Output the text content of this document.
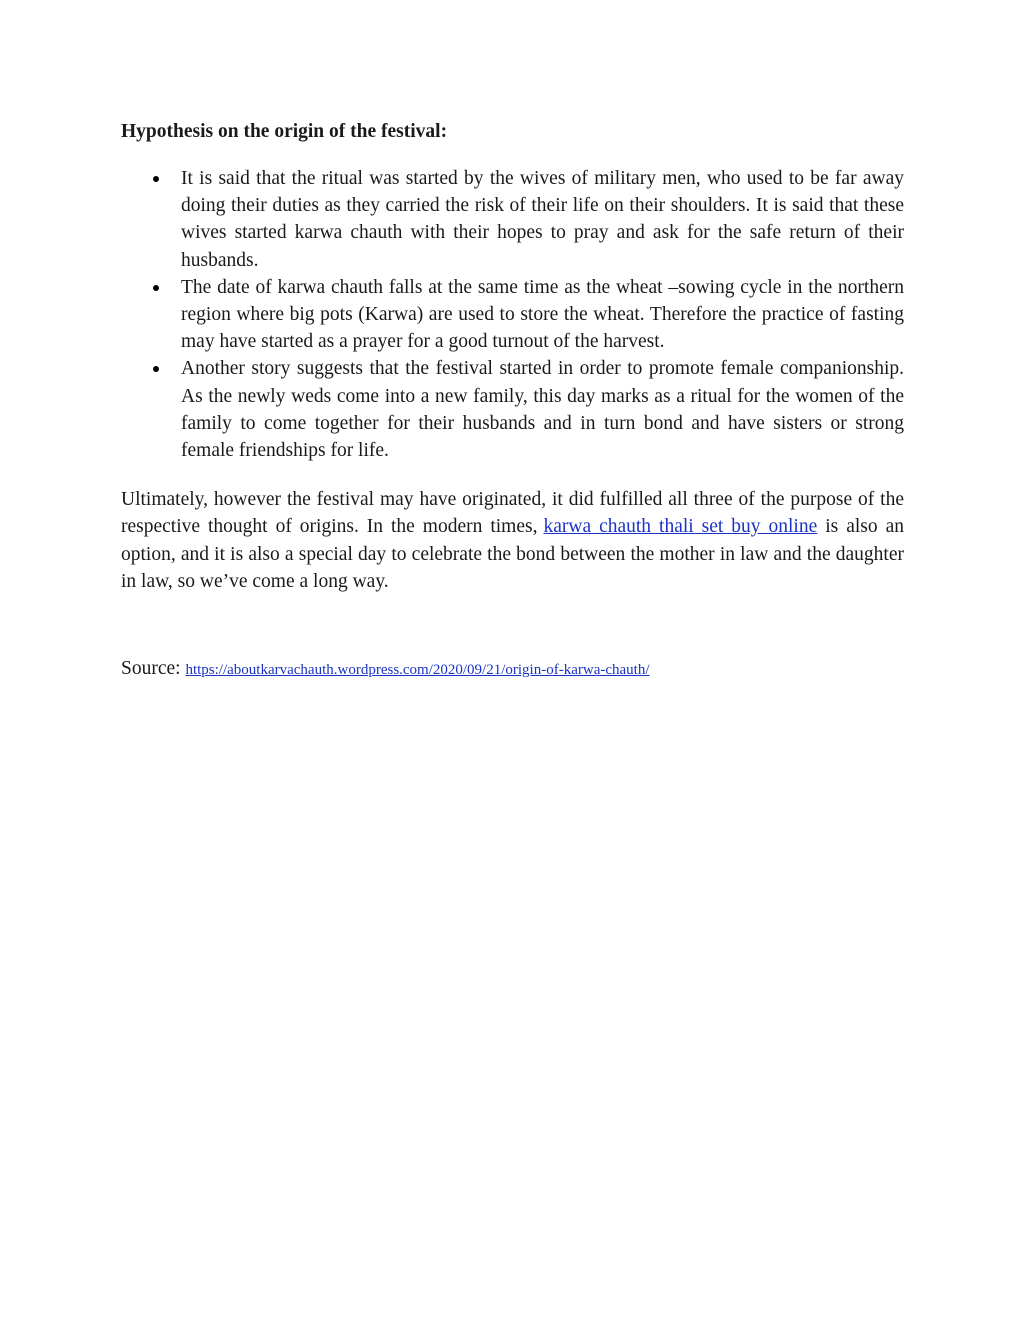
Hypothesis on the origin of the festival:
It is said that the ritual was started by the wives of military men, who used to be far away doing their duties as they carried the risk of their life on their shoulders. It is said that these wives started karwa chauth with their hopes to pray and ask for the safe return of their husbands.
The date of karwa chauth falls at the same time as the wheat –sowing cycle in the northern region where big pots (Karwa) are used to store the wheat. Therefore the practice of fasting may have started as a prayer for a good turnout of the harvest.
Another story suggests that the festival started in order to promote female companionship. As the newly weds come into a new family, this day marks as a ritual for the women of the family to come together for their husbands and in turn bond and have sisters or strong female friendships for life.

Ultimately, however the festival may have originated, it did fulfilled all three of the purpose of the respective thought of origins. In the modern times, karwa chauth thali set buy online is also an option, and it is also a special day to celebrate the bond between the mother in law and the daughter in law, so we’ve come a long way.

Source: https://aboutkarvachauth.wordpress.com/2020/09/21/origin-of-karwa-chauth/
